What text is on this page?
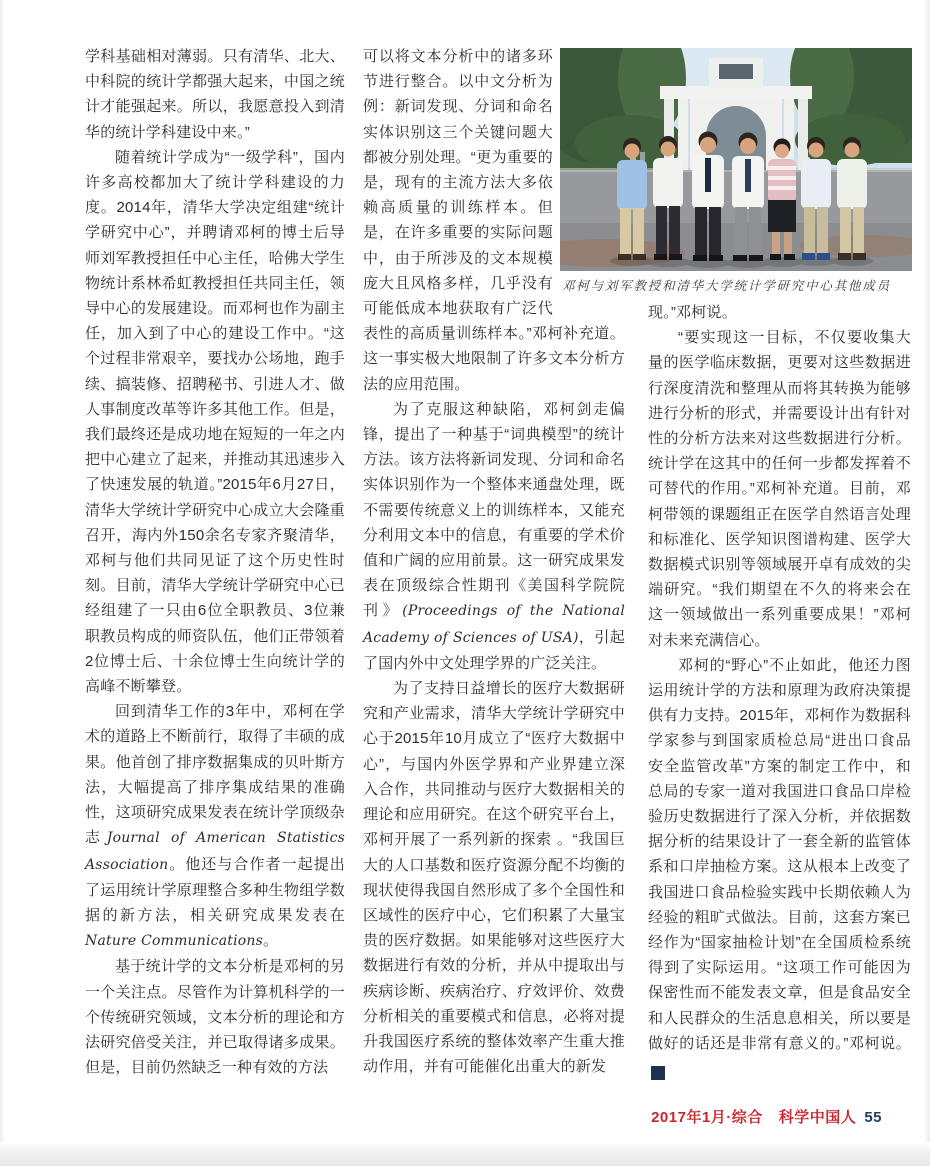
学科基础相对薄弱。只有清华、北大、中科院的统计学都强大起来，中国之统计才能强起来。所以，我愿意投入到清华的统计学科建设中来。”

随着统计学成为“一级学科”，国内许多高校都加大了统计学科建设的力度。2014年，清华大学决定组建“统计学研究中心”，并聘请邓柯的博士后导师刘军教授担任中心主任，哈佛大学生物统计系林希虹教授担任共同主任，领导中心的发展建设。而邓柯也作为副主任，加入到了中心的建设工作中。“这个过程非常艰辛，要找办公场地，跑手续、搞装修、招聘秘书、引进人才、做人事制度改革等许多其他工作。但是，我们最终还是成功地在短短的一年之内把中心建立了起来，并推动其迅速步入了快速发展的轨道。”2015年6月27日，清华大学统计学研究中心成立大会隆重召开，海内外150余名专家齐聚清华，邓柯与他们共同见证了这个历史性时刻。目前，清华大学统计学研究中心已经组建了一只由6位全职教员、3位兼职教员构成的师资队伍，他们正带领着2位博士后、十余位博士生向统计学的高峰不断攀登。

回到清华工作的3年中，邓柯在学术的道路上不断前行，取得了丰硕的成果。他首创了排序数据集成的贝叶斯方法，大幅提高了排序集成结果的准确性，这项研究成果发表在统计学顶级杂志Journal of American Statistics Association。他还与合作者一起提出了运用统计学原理整合多种生物组学数据的新方法，相关研究成果发表在Nature Communications。

基于统计学的文本分析是邓柯的另一个关注点。尽管作为计算机科学的一个传统研究领域，文本分析的理论和方法研究倍受关注，并已取得诸多成果。但是，目前仍然缺乏一种有效的方法

可以将文本分析中的诸多环节进行整合。以中文分析为例：新词发现、分词和命名实体识别这三个关键问题大都被分别处理。“更为重要的是，现有的主流方法大多依赖高质量的训练样本。但是，在许多重要的实际问题中，由于所涉及的文本规模庞大且风格多样，几乎没有可能低成本地获取有广泛代表性的高质量训练样本。”邓柯补充道。这一事实极大地限制了许多文本分析方法的应用范围。

为了克服这种缺陷，邓柯剑走偏锋，提出了一种基于“词典模型”的统计方法。该方法将新词发现、分词和命名实体识别作为一个整体来通盘处理，既不需要传统意义上的训练样本，又能充分利用文本中的信息，有重要的学术价值和广阔的应用前景。这一研究成果发表在顶级综合性期刊《美国科学院院刊》(Proceedings of the National Academy of Sciences of USA)，引起了国内外中文处理学界的广泛关注。

为了支持日益增长的医疗大数据研究和产业需求，清华大学统计学研究中心于2015年10月成立了“医疗大数据中心”，与国内外医学界和产业界建立深入合作，共同推动与医疗大数据相关的理论和应用研究。在这个研究平台上，邓柯开展了一系列新的探索 。“我国巨大的人口基数和医疗资源分配不均衡的现状使得我国自然形成了多个全国性和区域性的医疗中心，它们积累了大量宝贵的医疗数据。如果能够对这些医疗大数据进行有效的分析，并从中提取出与疾病诊断、疾病治疗、疗效评价、效费分析相关的重要模式和信息，必将对提升我国医疗系统的整体效率产生重大推动作用，并有可能催化出重大的新发

现。”邓柯说。

“要实现这一目标，不仅要收集大量的医学临床数据，更要对这些数据进行深度清洗和整理从而将其转换为能够进行分析的形式，并需要设计出有针对性的分析方法来对这些数据进行分析。统计学在这其中的任何一步都发挥着不可替代的作用。”邓柯补充道。目前，邓柯带领的课题组正在医学自然语言处理和标准化、医学知识图谱构建、医学大数据模式识别等领域展开卓有成效的尖端研究。“我们期望在不久的将来会在这一领域做出一系列重要成果！”邓柯对未来充满信心。

邓柯的“野心”不止如此，他还力图运用统计学的方法和原理为政府决策提供有力支持。2015年，邓柯作为数据科学家参与到国家质检总局“进出口食品安全监管改革”方案的制定工作中，和总局的专家一道对我国进口食品口岸检验历史数据进行了深入分析，并依据数据分析的结果设计了一套全新的监管体系和口岸抽检方案。这从根本上改变了我国进口食品检验实践中长期依赖人为经验的粗旷式做法。目前，这套方案已经作为“国家抽检计划”在全国质检系统得到了实际运用。“这项工作可能因为保密性而不能发表文章，但是食品安全和人民群众的生活息息相关，所以要是做好的话还是非常有意义的。”邓柯说。科

邓柯与刘军教授和清华大学统计学研究中心其他成员
2017年1月·综合 科学中国人 55
